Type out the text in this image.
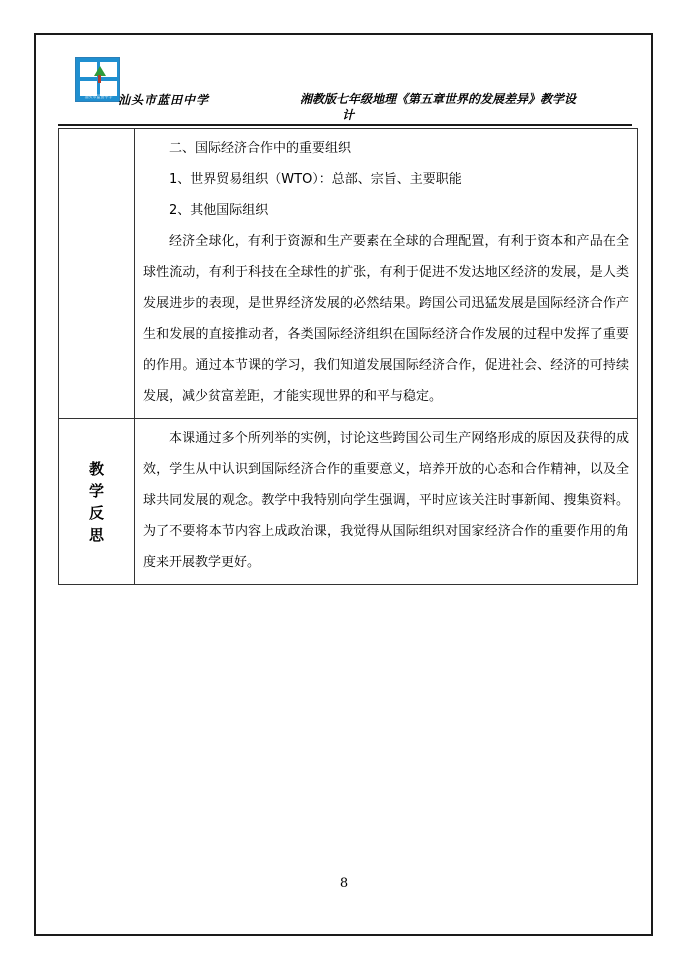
汕头市蓝田中学 汕头市蓝田中学	湘教版七年级地理《第五章世界的发展差异》教学设
计

	二、国际经济合作中的重要组织

1、世界贸易组织（WTO）：总部、宗旨、主要职能

2、其他国际组织

经济全球化，有利于资源和生产要素在全球的合理配置，有利于资本和产品在全球性流动，有利于科技在全球性的扩张，有利于促进不发达地区经济的发展，是人类发展进步的表现，是世界经济发展的必然结果。跨国公司迅猛发展是国际经济合作产生和发展的直接推动者，各类国际经济组织在国际经济合作发展的过程中发挥了重要的作用。通过本节课的学习，我们知道发展国际经济合作，促进社会、经济的可持续发展，减少贫富差距，才能实现世界的和平与稳定。

教学反思	本课通过多个所列举的实例，讨论这些跨国公司生产网络形成的原因及获得的成效，学生从中认识到国际经济合作的重要意义，培养开放的心态和合作精神，以及全球共同发展的观念。教学中我特别向学生强调，平时应该关注时事新闻、搜集资料。为了不要将本节内容上成政治课，我觉得从国际组织对国家经济合作的重要作用的角度来开展教学更好。

8
